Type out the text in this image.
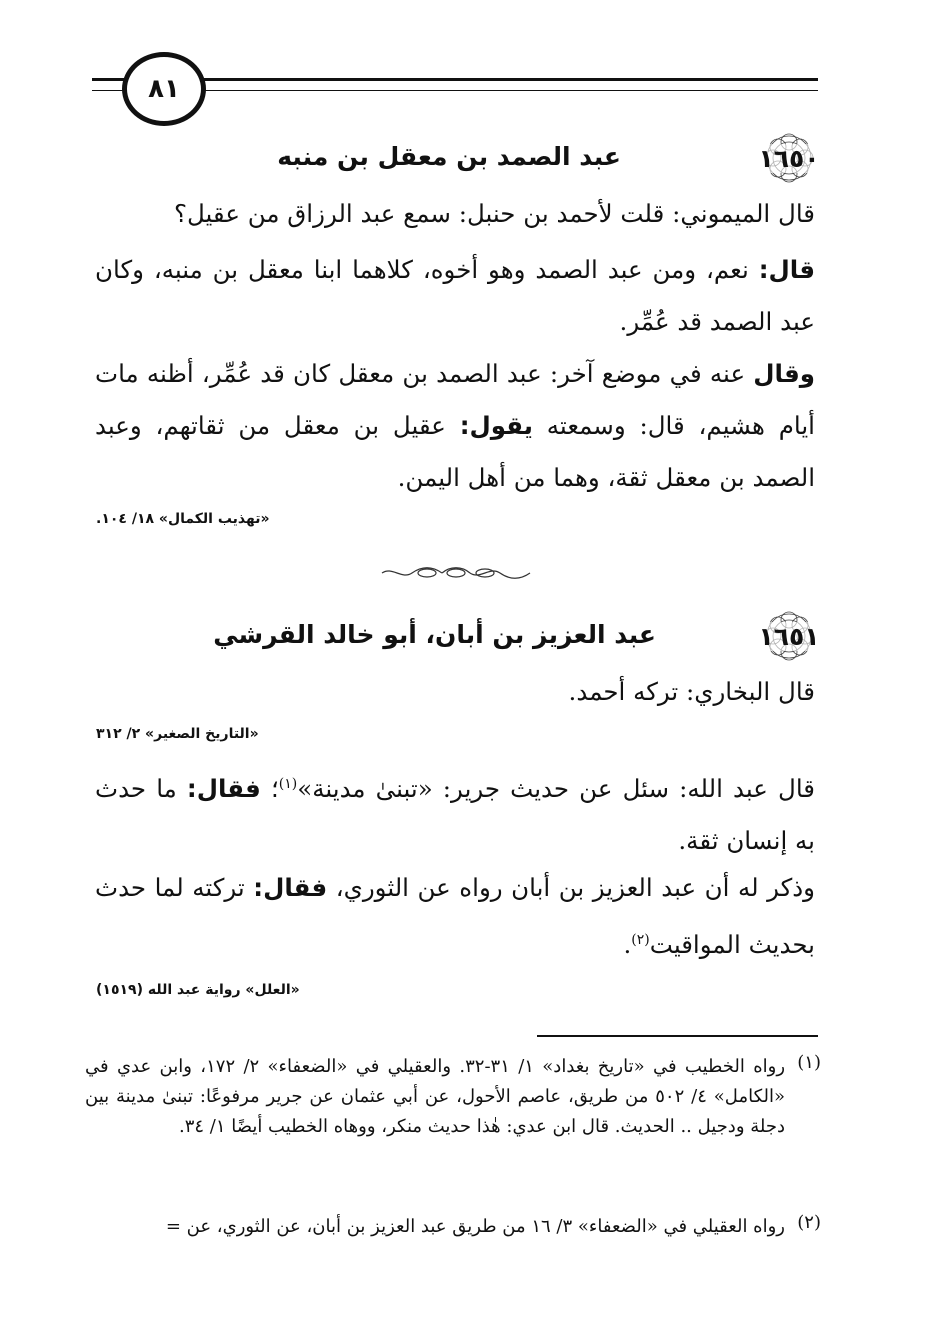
٨١
١٦٥٠
عبد الصمد بن معقل بن منبه
قال الميموني: قلت لأحمد بن حنبل: سمع عبد الرزاق من عقيل؟
قال: نعم، ومن عبد الصمد وهو أخوه، كلاهما ابنا معقل بن منبه، وكان عبد الصمد قد عُمِّر.
وقال عنه في موضع آخر: عبد الصمد بن معقل كان قد عُمِّر، أظنه مات أيام هشيم، قال: وسمعته يقول: عقيل بن معقل من ثقاتهم، وعبد الصمد بن معقل ثقة، وهما من أهل اليمن.
«تهذيب الكمال» ١٨/ ١٠٤.
١٦٥١
عبد العزيز بن أبان، أبو خالد القرشي
قال البخاري: تركه أحمد.
«التاريخ الصغير» ٢/ ٣١٢
قال عبد الله: سئل عن حديث جرير: «تبنىٰ مدينة»$^{(١)}$؛ فقال: ما حدث به إنسان ثقة.
وذكر له أن عبد العزيز بن أبان رواه عن الثوري، فقال: تركته لما حدث بحديث المواقيت$^{(٢)}$.
«العلل» رواية عبد الله (١٥١٩)
(١)
رواه الخطيب في «تاريخ بغداد» ١/ ٣١-٣٢. والعقيلي في «الضعفاء» ٢/ ١٧٢، وابن عدي في «الكامل» ٤/ ٥٠٢ من طريق، عاصم الأحول، عن أبي عثمان عن جرير مرفوعًا: تبنىٰ مدينة بين دجلة ودجيل .. الحديث. قال ابن عدي: هٰذا حديث منكر، ووهاه الخطيب أيضًا ١/ ٣٤.
(٢)
رواه العقيلي في «الضعفاء» ٣/ ١٦ من طريق عبد العزيز بن أبان، عن الثوري، عن =
